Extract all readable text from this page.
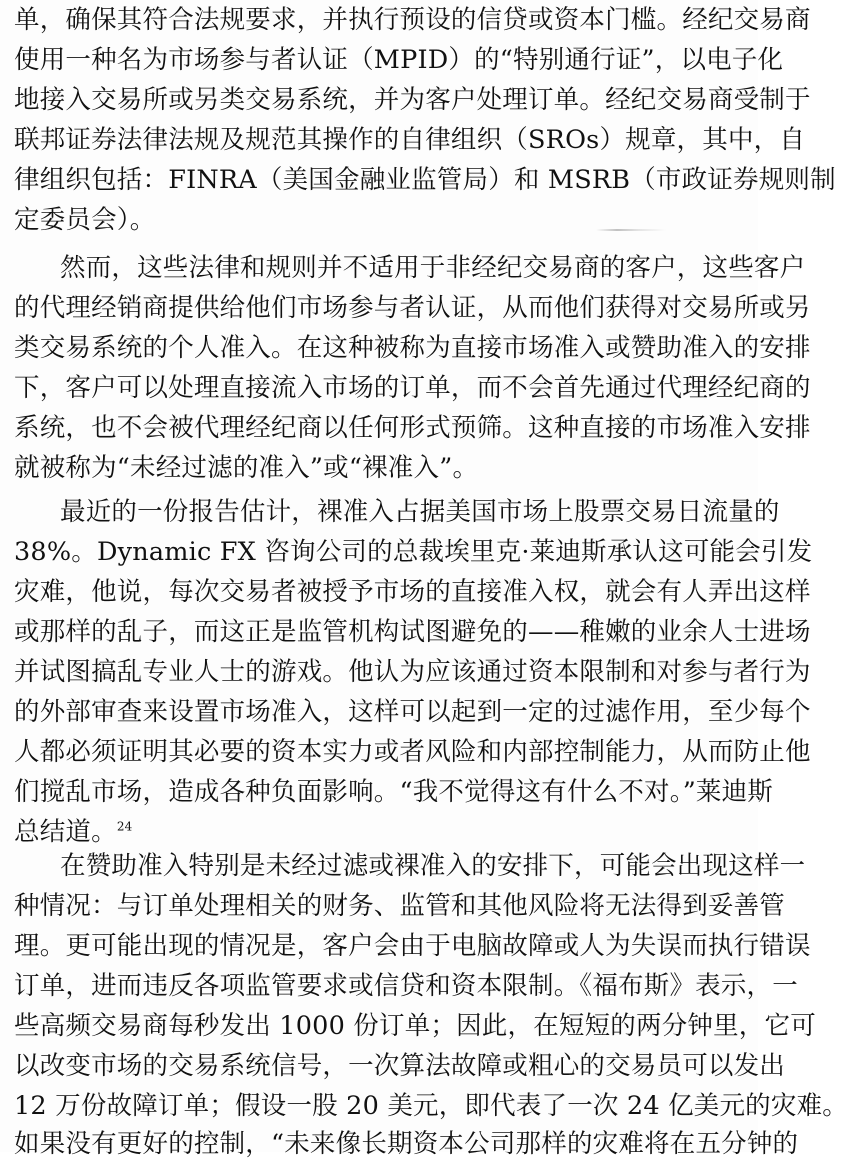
单，确保其符合法规要求，并执行预设的信贷或资本门槛。经纪交易商
使用一种名为市场参与者认证（MPID）的“特别通行证”，以电子化
地接入交易所或另类交易系统，并为客户处理订单。经纪交易商受制于
联邦证券法律法规及规范其操作的自律组织（SROs）规章，其中，自
律组织包括：FINRA（美国金融业监管局）和 MSRB（市政证券规则制
定委员会）。
然而，这些法律和规则并不适用于非经纪交易商的客户，这些客户
的代理经销商提供给他们市场参与者认证，从而他们获得对交易所或另
类交易系统的个人准入。在这种被称为直接市场准入或赞助准入的安排
下，客户可以处理直接流入市场的订单，而不会首先通过代理经纪商的
系统，也不会被代理经纪商以任何形式预筛。这种直接的市场准入安排
就被称为“未经过滤的准入”或“裸准入”。
最近的一份报告估计，裸准入占据美国市场上股票交易日流量的
38%。Dynamic FX 咨询公司的总裁埃里克·莱迪斯承认这可能会引发
灾难，他说，每次交易者被授予市场的直接准入权，就会有人弄出这样
或那样的乱子，而这正是监管机构试图避免的——稚嫩的业余人士进场
并试图搞乱专业人士的游戏。他认为应该通过资本限制和对参与者行为
的外部审查来设置市场准入，这样可以起到一定的过滤作用，至少每个
人都必须证明其必要的资本实力或者风险和内部控制能力，从而防止他
们搅乱市场，造成各种负面影响。“我不觉得这有什么不对。”莱迪斯
总结道。$^{24}$
在赞助准入特别是未经过滤或裸准入的安排下，可能会出现这样一
种情况：与订单处理相关的财务、监管和其他风险将无法得到妥善管
理。更可能出现的情况是，客户会由于电脑故障或人为失误而执行错误
订单，进而违反各项监管要求或信贷和资本限制。《福布斯》表示，一
些高频交易商每秒发出 1000 份订单；因此，在短短的两分钟里，它可
以改变市场的交易系统信号，一次算法故障或粗心的交易员可以发出
12 万份故障订单；假设一股 20 美元，即代表了一次 24 亿美元的灾难。
如果没有更好的控制，“未来像长期资本公司那样的灾难将在五分钟的
